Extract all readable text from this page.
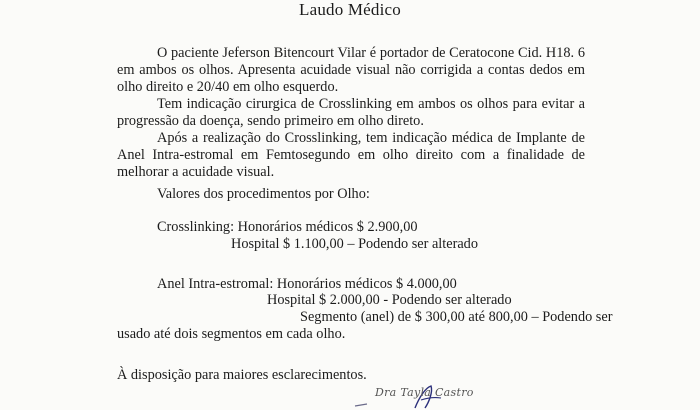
Laudo Médico
O paciente Jeferson Bitencourt Vilar é portador de Ceratocone Cid. H18. 6 em ambos os olhos. Apresenta acuidade visual não corrigida a contas dedos em olho direito e 20/40 em olho esquerdo.
Tem indicação cirurgica de Crosslinking em ambos os olhos para evitar a progressão da doença, sendo primeiro em olho direto.
Após a realização do Crosslinking, tem indicação médica de Implante de Anel Intra-estromal em Femtosegundo em olho direito com a finalidade de melhorar a acuidade visual.
Valores dos procedimentos por Olho:
Crosslinking: Honorários médicos $ 2.900,00
Hospital $ 1.100,00 – Podendo ser alterado
Anel Intra-estromal: Honorários médicos $ 4.000,00
Hospital $ 2.000,00 - Podendo ser alterado
Segmento (anel) de $ 300,00 até 800,00 – Podendo ser
usado até dois segmentos em cada olho.
À disposição para maiores esclarecimentos.
Dra Tayla Castro
